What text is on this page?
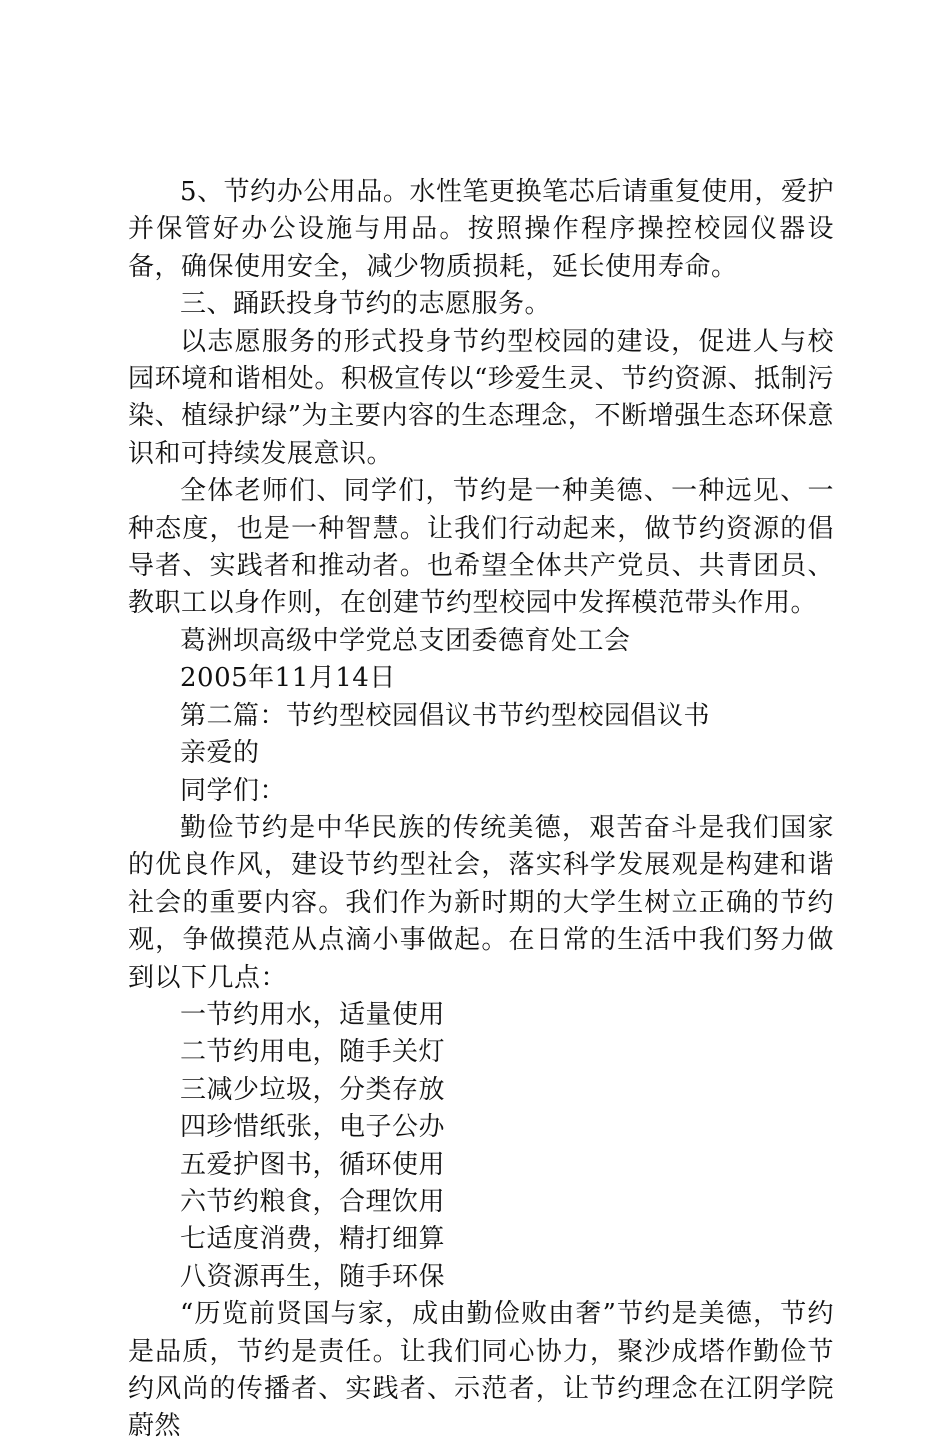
5、节约办公用品。水性笔更换笔芯后请重复使用，爱护并保管好办公设施与用品。按照操作程序操控校园仪器设备，确保使用安全，减少物质损耗，延长使用寿命。

三、踊跃投身节约的志愿服务。

以志愿服务的形式投身节约型校园的建设，促进人与校园环境和谐相处。积极宣传以“珍爱生灵、节约资源、抵制污染、植绿护绿”为主要内容的生态理念，不断增强生态环保意识和可持续发展意识。

全体老师们、同学们，节约是一种美德、一种远见、一种态度，也是一种智慧。让我们行动起来，做节约资源的倡导者、实践者和推动者。也希望全体共产党员、共青团员、教职工以身作则，在创建节约型校园中发挥模范带头作用。

葛洲坝高级中学党总支团委德育处工会

2005年11月14日

第二篇：节约型校园倡议书节约型校园倡议书

亲爱的

同学们：

勤俭节约是中华民族的传统美德，艰苦奋斗是我们国家的优良作风，建设节约型社会，落实科学发展观是构建和谐社会的重要内容。我们作为新时期的大学生树立正确的节约观，争做摸范从点滴小事做起。在日常的生活中我们努力做到以下几点：

一节约用水，适量使用

二节约用电，随手关灯

三减少垃圾，分类存放

四珍惜纸张，电子公办

五爱护图书，循环使用

六节约粮食，合理饮用

七适度消费，精打细算

八资源再生，随手环保

“历览前贤国与家，成由勤俭败由奢”节约是美德，节约是品质，节约是责任。让我们同心协力，聚沙成塔作勤俭节约风尚的传播者、实践者、示范者，让节约理念在江阴学院蔚然
